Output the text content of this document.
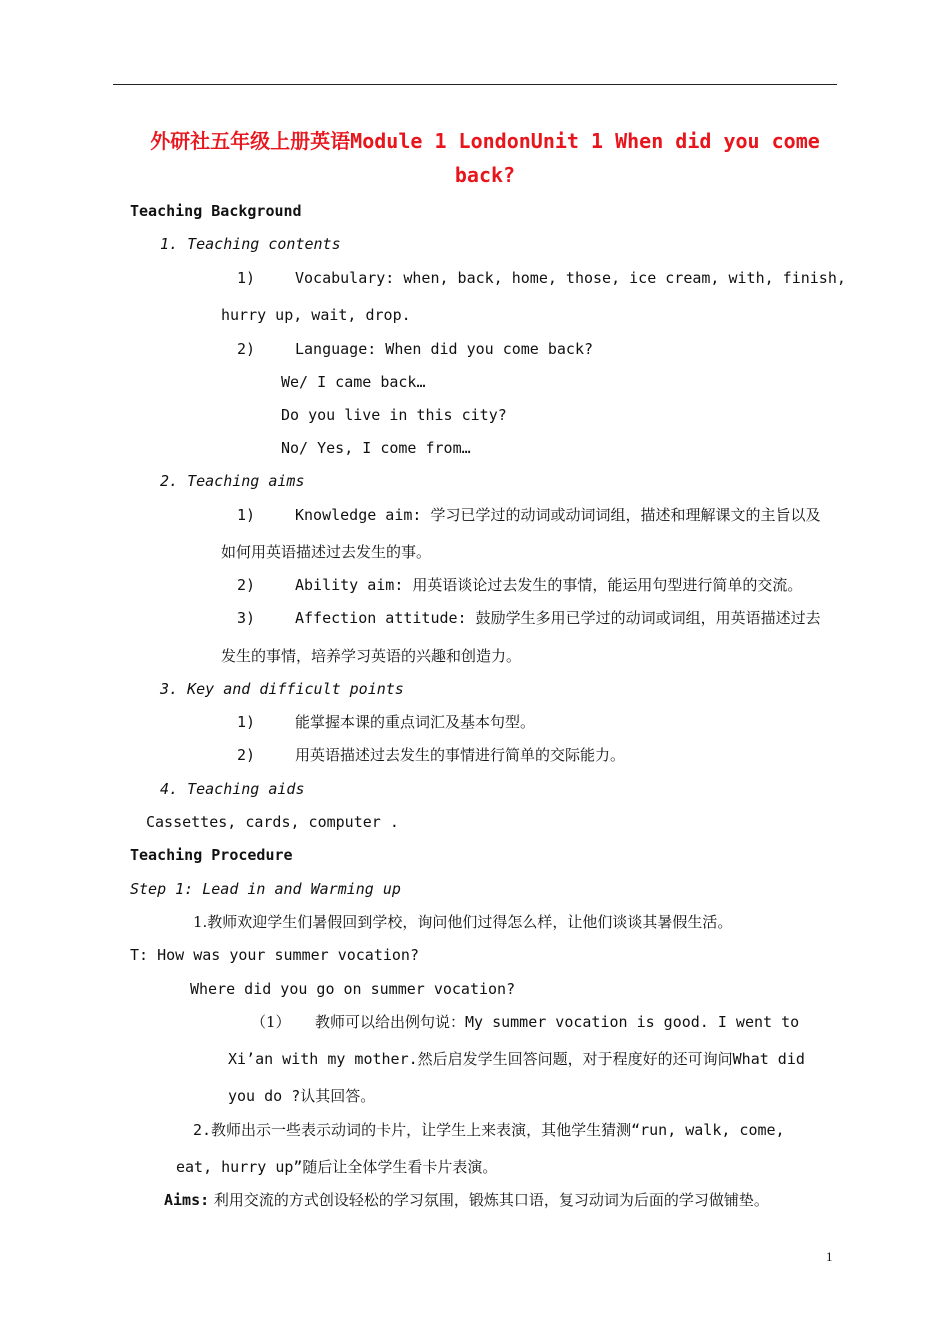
外研社五年级上册英语Module 1 LondonUnit 1 When did you come
back?
Teaching Background
1. Teaching contents
1)	Vocabulary: when, back, home, those, ice cream, with, finish,
hurry up, wait, drop.
2)	Language: When did you come back?
We/ I came back…
Do you live in this city?
No/ Yes, I come from…
2. Teaching aims
1)	Knowledge aim: 学习已学过的动词或动词词组，描述和理解课文的主旨以及
如何用英语描述过去发生的事。
2)	Ability aim: 用英语谈论过去发生的事情，能运用句型进行简单的交流。
3)	Affection attitude: 鼓励学生多用已学过的动词或词组，用英语描述过去
发生的事情，培养学习英语的兴趣和创造力。
3. Key and difficult points
1)	能掌握本课的重点词汇及基本句型。
2)	用英语描述过去发生的事情进行简单的交际能力。
4. Teaching aids
Cassettes, cards, computer .
Teaching Procedure
Step 1: Lead in and Warming up
1.教师欢迎学生们暑假回到学校，询问他们过得怎么样，让他们谈谈其暑假生活。
T: How was your summer vocation?
Where did you go on summer vocation?
（1） 教师可以给出例句说：My summer vocation is good. I went to
Xi’an with my mother.然后启发学生回答问题，对于程度好的还可询问What did
you do ?认其回答。
2.教师出示一些表示动词的卡片，让学生上来表演，其他学生猜测“run, walk, come,
eat, hurry up”随后让全体学生看卡片表演。
Aims: 利用交流的方式创设轻松的学习氛围，锻炼其口语，复习动词为后面的学习做铺垫。
1
